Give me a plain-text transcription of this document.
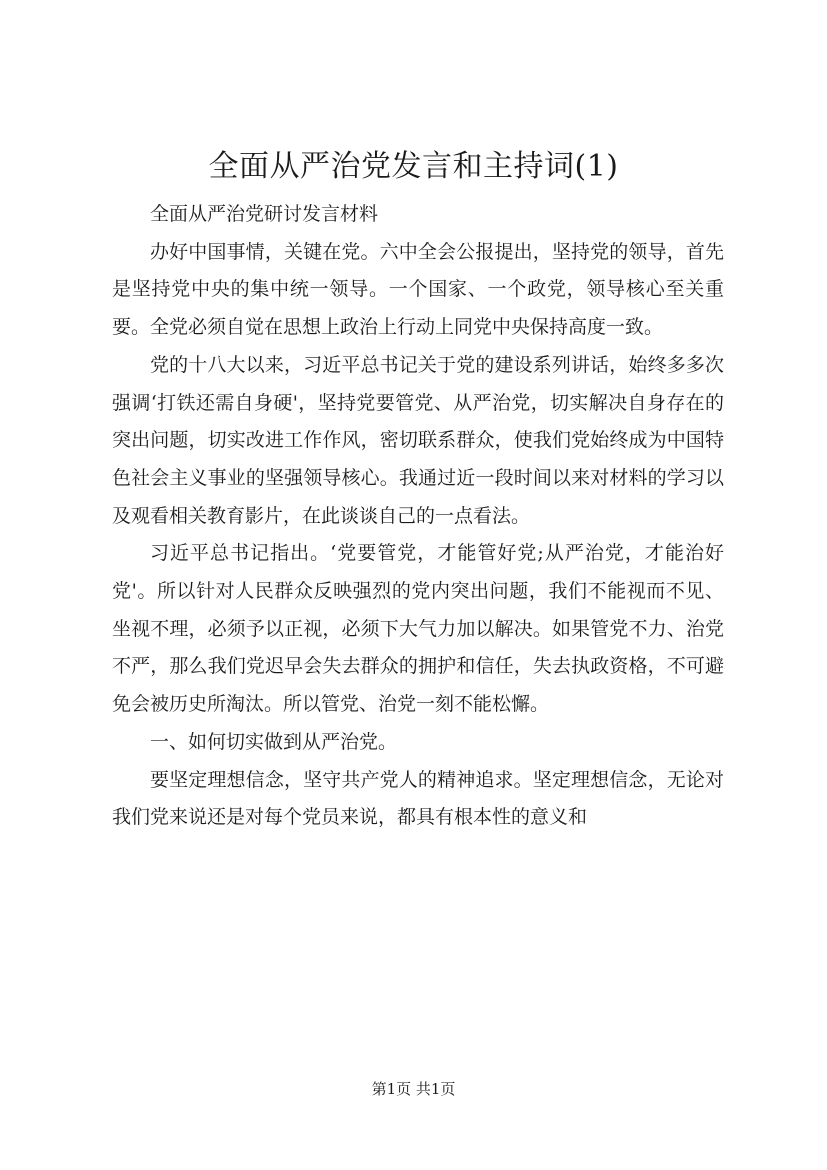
全面从严治党发言和主持词(1)

全面从严治党研讨发言材料

办好中国事情，关键在党。六中全会公报提出，坚持党的领导，首先是坚持党中央的集中统一领导。一个国家、一个政党，领导核心至关重要。全党必须自觉在思想上政治上行动上同党中央保持高度一致。

党的十八大以来，习近平总书记关于党的建设系列讲话，始终多多次强调‘打铁还需自身硬'，坚持党要管党、从严治党，切实解决自身存在的突出问题，切实改进工作作风，密切联系群众，使我们党始终成为中国特色社会主义事业的坚强领导核心。我通过近一段时间以来对材料的学习以及观看相关教育影片，在此谈谈自己的一点看法。

习近平总书记指出。‘党要管党，才能管好党;从严治党，才能治好党'。所以针对人民群众反映强烈的党内突出问题，我们不能视而不见、坐视不理，必须予以正视，必须下大气力加以解决。如果管党不力、治党不严，那么我们党迟早会失去群众的拥护和信任，失去执政资格，不可避免会被历史所淘汰。所以管党、治党一刻不能松懈。

一、如何切实做到从严治党。

要坚定理想信念，坚守共产党人的精神追求。坚定理想信念，无论对我们党来说还是对每个党员来说，都具有根本性的意义和

第1页 共1页
